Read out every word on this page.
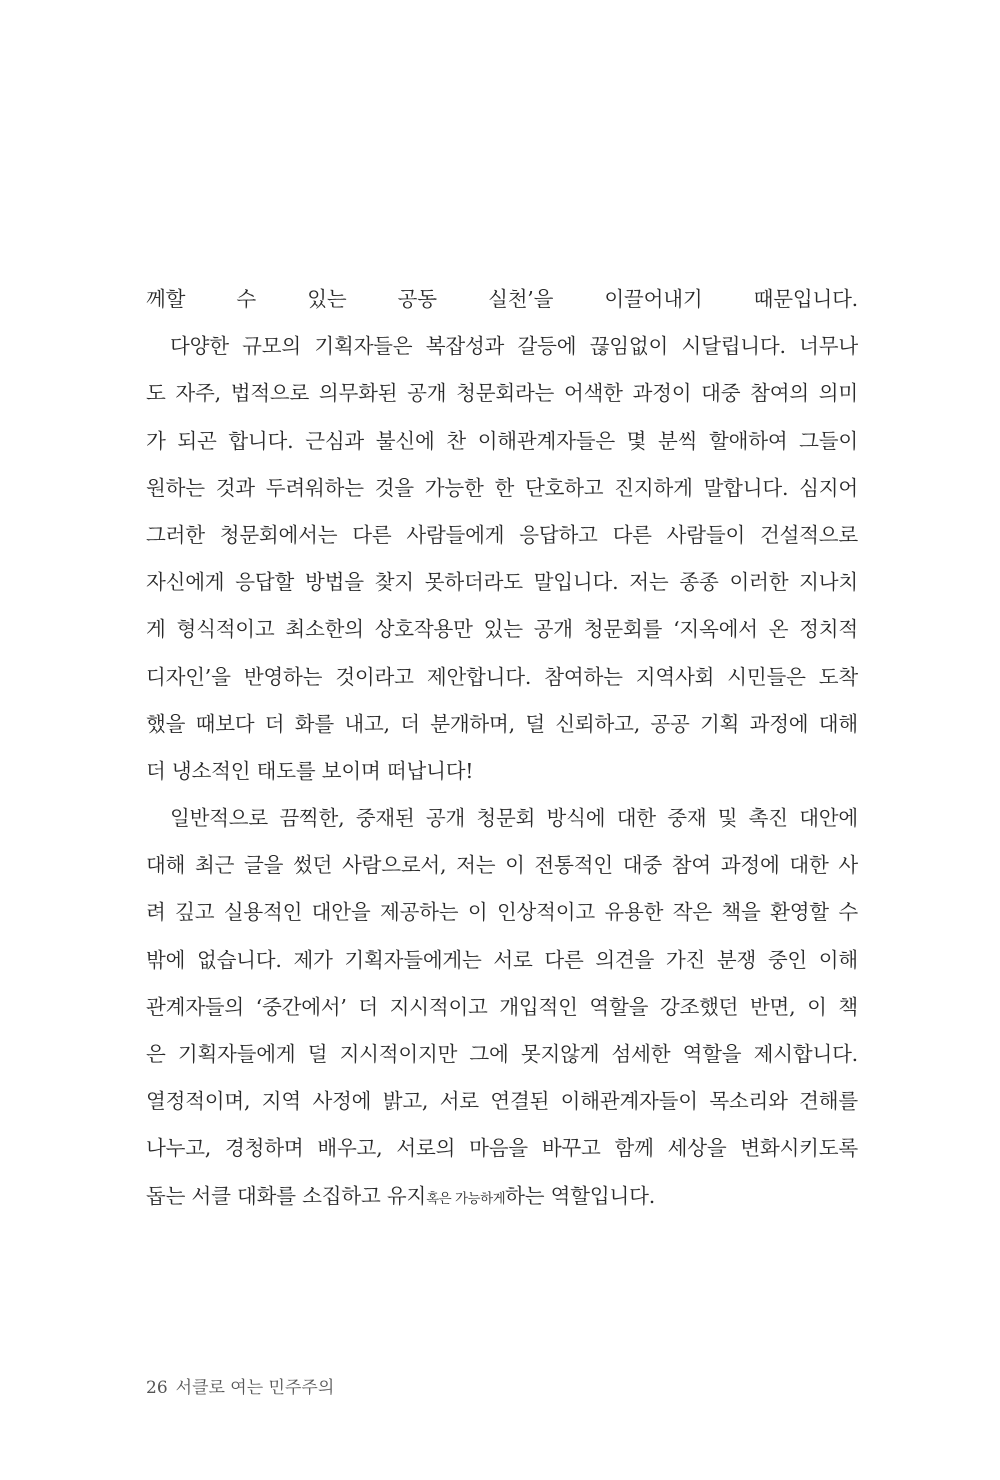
께할 수 있는 공동 실천’을 이끌어내기 때문입니다.
다양한 규모의 기획자들은 복잡성과 갈등에 끊임없이 시달립니다. 너무나
도 자주, 법적으로 의무화된 공개 청문회라는 어색한 과정이 대중 참여의 의미
가 되곤 합니다. 근심과 불신에 찬 이해관계자들은 몇 분씩 할애하여 그들이
원하는 것과 두려워하는 것을 가능한 한 단호하고 진지하게 말합니다. 심지어
그러한 청문회에서는 다른 사람들에게 응답하고 다른 사람들이 건설적으로
자신에게 응답할 방법을 찾지 못하더라도 말입니다. 저는 종종 이러한 지나치
게 형식적이고 최소한의 상호작용만 있는 공개 청문회를 ‘지옥에서 온 정치적
디자인’을 반영하는 것이라고 제안합니다. 참여하는 지역사회 시민들은 도착
했을 때보다 더 화를 내고, 더 분개하며, 덜 신뢰하고, 공공 기획 과정에 대해
더 냉소적인 태도를 보이며 떠납니다!
일반적으로 끔찍한, 중재된 공개 청문회 방식에 대한 중재 및 촉진 대안에
대해 최근 글을 썼던 사람으로서, 저는 이 전통적인 대중 참여 과정에 대한 사
려 깊고 실용적인 대안을 제공하는 이 인상적이고 유용한 작은 책을 환영할 수
밖에 없습니다. 제가 기획자들에게는 서로 다른 의견을 가진 분쟁 중인 이해
관계자들의 ‘중간에서’ 더 지시적이고 개입적인 역할을 강조했던 반면, 이 책
은 기획자들에게 덜 지시적이지만 그에 못지않게 섬세한 역할을 제시합니다.
열정적이며, 지역 사정에 밝고, 서로 연결된 이해관계자들이 목소리와 견해를
나누고, 경청하며 배우고, 서로의 마음을 바꾸고 함께 세상을 변화시키도록
돕는 서클 대화를 소집하고 유지혹은 가능하게하는 역할입니다.
26 서클로 여는 민주주의
